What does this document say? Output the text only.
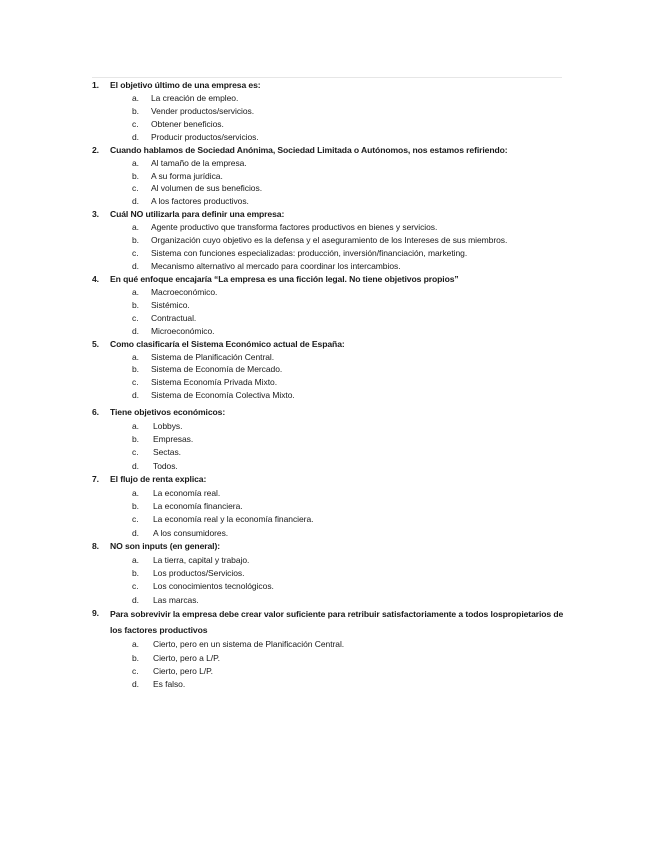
1.	El objetivo último de una empresa es:
a.	La creación de empleo.
b.	Vender productos/servicios.
c.	Obtener beneficios.
d.	Producir productos/servicios.
2.	Cuando hablamos de Sociedad Anónima, Sociedad Limitada o Autónomos, nos estamos refiriendo:
a.	Al tamaño de la empresa.
b.	A su forma jurídica.
c.	Al volumen de sus beneficios.
d.	A los factores productivos.
3.	Cuál NO utilizarla para definir una empresa:
a.	Agente productivo que transforma factores productivos en bienes y servicios.
b.	Organización cuyo objetivo es la defensa y el aseguramiento de los Intereses de sus miembros.
c.	Sistema con funciones especializadas: producción, inversión/financiación, marketing.
d.	Mecanismo alternativo al mercado para coordinar los intercambios.
4.	En qué enfoque encajaría “La empresa es una ficción legal. No tiene objetivos propios”
a.	Macroeconómico.
b.	Sistémico.
c.	Contractual.
d.	Microeconómico.
5.	Como clasificaría el Sistema Económico actual de España:
a.	Sistema de Planificación Central.
b.	Sistema de Economía de Mercado.
c.	Sistema Economía Privada Mixto.
d.	Sistema de Economía Colectiva Mixto.
6.	Tiene objetivos económicos:
a.	Lobbys.
b.	Empresas.
c.	Sectas.
d.	Todos.
7.	El flujo de renta explica:
a.	La economía real.
b.	La economía financiera.
c.	La economía real y la economía financiera.
d.	A los consumidores.
8.	NO son inputs (en general):
a.	La tierra, capital y trabajo.
b.	Los productos/Servicios.
c.	Los conocimientos tecnológicos.
d.	Las marcas.
9.	Para sobrevivir la empresa debe crear valor suficiente para retribuir satisfactoriamente a todos lospropietarios de los factores productivos
a.	Cierto, pero en un sistema de Planificación Central.
b.	Cierto, pero a L/P.
c.	Cierto, pero L/P.
d.	Es falso.
